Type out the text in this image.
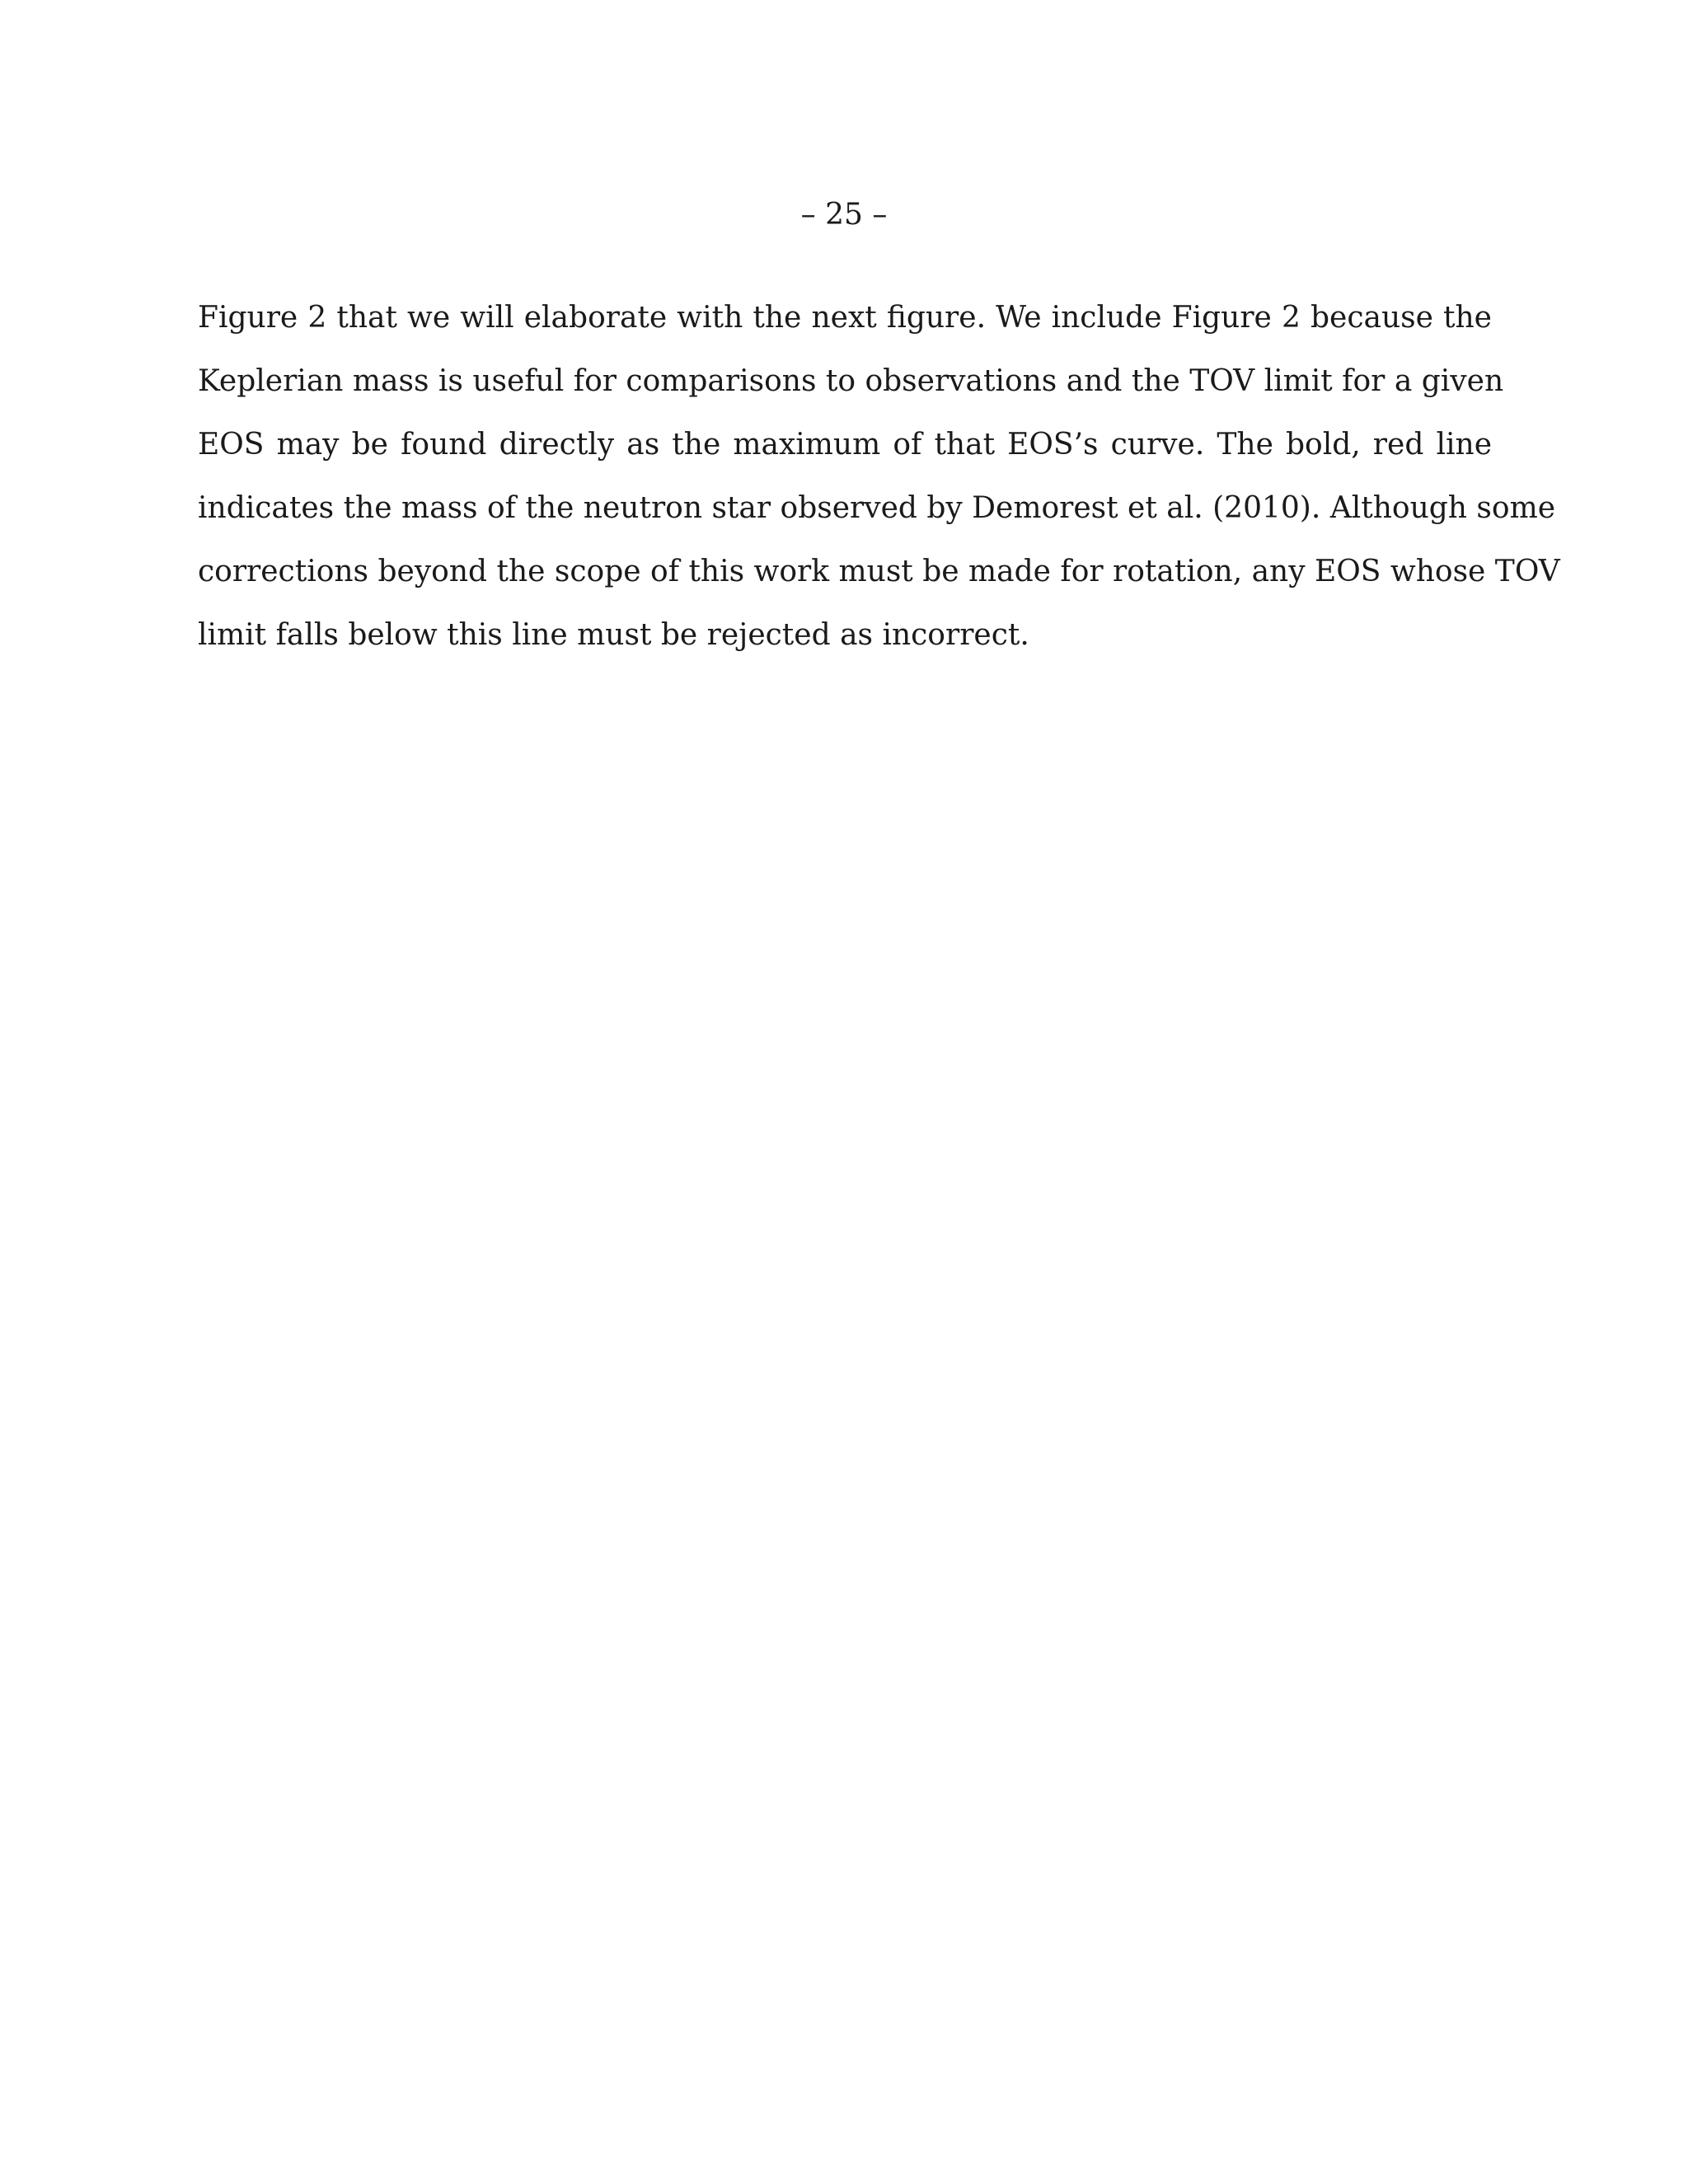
– 25 –
Figure 2 that we will elaborate with the next figure. We include Figure 2 because the
Keplerian mass is useful for comparisons to observations and the TOV limit for a given
EOS may be found directly as the maximum of that EOS’s curve. The bold, red line
indicates the mass of the neutron star observed by Demorest et al. (2010). Although some
corrections beyond the scope of this work must be made for rotation, any EOS whose TOV
limit falls below this line must be rejected as incorrect.
